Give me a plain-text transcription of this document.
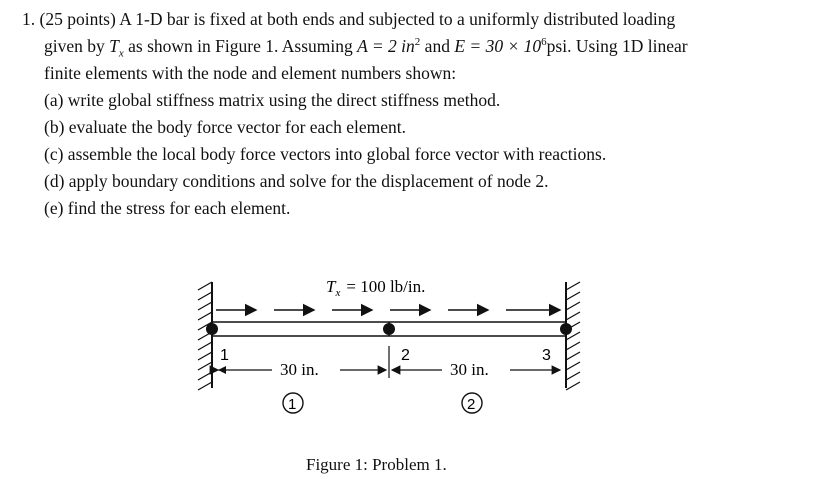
1. (25 points) A 1-D bar is fixed at both ends and subjected to a uniformly distributed loading
given by $T_x$ as shown in Figure 1. Assuming A = 2 $in^2$ and $E = 30 \times 10^6psi$. Using 1D linear
finite elements with the node and element numbers shown:
(a) write global stiffness matrix using the direct stiffness method.
(b) evaluate the body force vector for each element.
(c) assemble the local body force vectors into global force vector with reactions.
(d) apply boundary conditions and solve for the displacement of node 2.
(e) find the stress for each element.
$T_x = 100$ lb/in.
1	2	3
30 in.	30 in.
1	2
Figure 1: Problem 1.
